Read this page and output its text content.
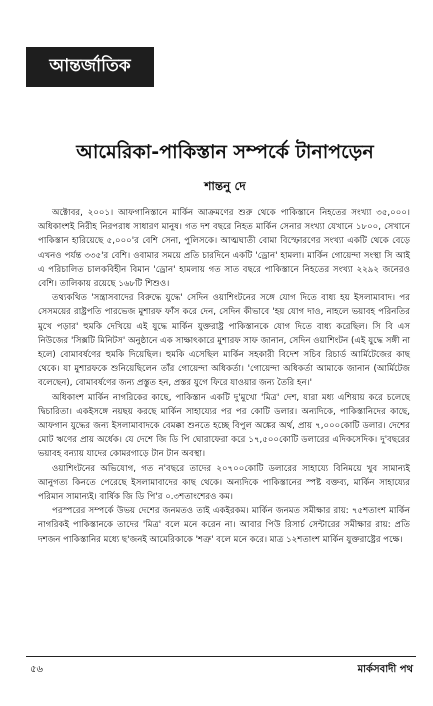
আন্তর্জাতিক
আমেরিকা-পাকিস্তান সম্পর্কে টানাপড়েন
শান্তনু দে

অক্টোবর, ২০০১। আফগানিস্তানে মার্কিন আক্রমণের শুরু থেকে পাকিস্তানে নিহতের সংখ্যা ৩৫,০০০। অধিকাংশই নিরীহ নিরপরাধ সাধারণ মানুষ। গত দশ বছরে নিহত মার্কিন সেনার সংখ্যা যেখানে ১৮০০, সেখানে পাকিস্তান হারিয়েছে ৫,০০০'র বেশি সেনা, পুলিসকে। আত্মঘাতী বোমা বিস্ফোরণের সংখ্যা একটি থেকে বেড়ে এখনও পর্যন্ত ৩৩৫'র বেশি। ওবামার সময়ে প্রতি চারদিনে একটি 'ড্রোন' হামলা। মার্কিন গোয়েন্দা সংস্থা সি আই এ পরিচালিত চালকবিহীন বিমান 'ড্রোন' হামলায় গত সাত বছরে পাকিস্তানে নিহতের সংখ্যা ২২৯২ জনেরও বেশি। তালিকায় রয়েছে ১৬৮টি শিশুও।

তথ্যকথিত 'সন্ত্রাসবাদের বিরুদ্ধে যুদ্ধে' সেদিন ওয়াশিংটনের সঙ্গে যোগ দিতে বাধ্য হয় ইসলামাবাদ। পর সেসময়ের রাষ্ট্রপতি পারভেজ মুশারফ ফাঁস করে দেন, সেদিন কীভাবে 'হয় যোগ দাও, নাহলে ভয়াবহ পরিনতির মুখে পড়ার' হুমকি দেখিয়ে এই যুদ্ধে মার্কিন যুক্তরাষ্ট্র পাকিস্তানকে যোগ দিতে বাধ্য করেছিল। সি বি এস নিউজের 'সিক্সটি মিনিটস' অনুষ্ঠানে এক সাক্ষাৎকারে মুশারফ সাফ জানান, সেদিন ওয়াশিংটন (এই যুদ্ধে সঙ্গী না হলে) বোমাবর্ষণের হুমকি দিয়েছিল। হুমকি এসেছিল মার্কিন সহকারী বিদেশ সচিব রিচার্ড আর্মিটেজের কাছ থেকে। যা মুশারফকে শুনিয়েছিলেন তাঁর গোয়েন্দা অধিকর্তা। 'গোয়েন্দা অধিকর্তা আমাকে জানান (আর্মিটেজ বলেছেন), বোমাবর্ষণের জন্য প্রস্তুত হন, প্রস্তর যুগে ফিরে যাওয়ার জন্য তৈরি হন।'

অধিকাংশ মার্কিন নাগরিকের কাছে, পাকিস্তান একটি দু'মুখো 'মিত্র' দেশ, যারা মধ্য এশিয়ায় করে চলেছে দ্বিচারিতা। একইসঙ্গে নয়ছয় করছে মার্কিন সাহায্যের পর পর কোটি ডলার। অন্যদিকে, পাকিস্তানিদের কাছে, আফগান যুদ্ধের জন্য ইসলামাবাদকে বেমক্কা শুনতে হচ্ছে বিপুল অঙ্কের অর্থ, প্রায় ৭,০০০কোটি ডলার। দেশের মোট ঋণের প্রায় অর্ধেক। যে দেশে জি ডি পি ঘোরাফেরা করে ১৭,৫০০কোটি ডলারের এদিকসেদিক। দু'বছরের ভয়াবহ বন্যায় যাদের কোমরগাড়ে টান টান অবস্থা।

ওয়াশিংটনের অভিযোগ, গত ন'বছরে তাদের ২০৭০০কোটি ডলারের সাহায্যে বিনিময়ে খুব সামান্যই আনুগত্য কিনতে পেরেছে ইসলামাবাদের কাছ থেকে। অন্যদিকে পাকিস্তানের স্পষ্ট বক্তব্য, মার্কিন সাহায্যের পরিমান সামান্যই। বার্ষিক জি ডি পি'র ০.৩শতাংশেরও কম।

পরস্পরের সম্পর্কে উভয় দেশের জনমতও তাই একইরকম। মার্কিন জনমত সমীক্ষার রায়: ৭৫শতাংশ মার্কিন নাগরিকই পাকিস্তানকে তাদের 'মিত্র' বলে মনে করেন না। আবার পিউ রিসার্চ সেন্টারের সমীক্ষার রায়: প্রতি দশজন পাকিস্তানির মধ্যে ছ'জনই আমেরিকাকে 'শত্রু' বলে মনে করে। মাত্র ১২শতাংশ মার্কিন যুক্তরাষ্ট্রের পক্ষে।

৫৬	মার্কসবাদী পথ
